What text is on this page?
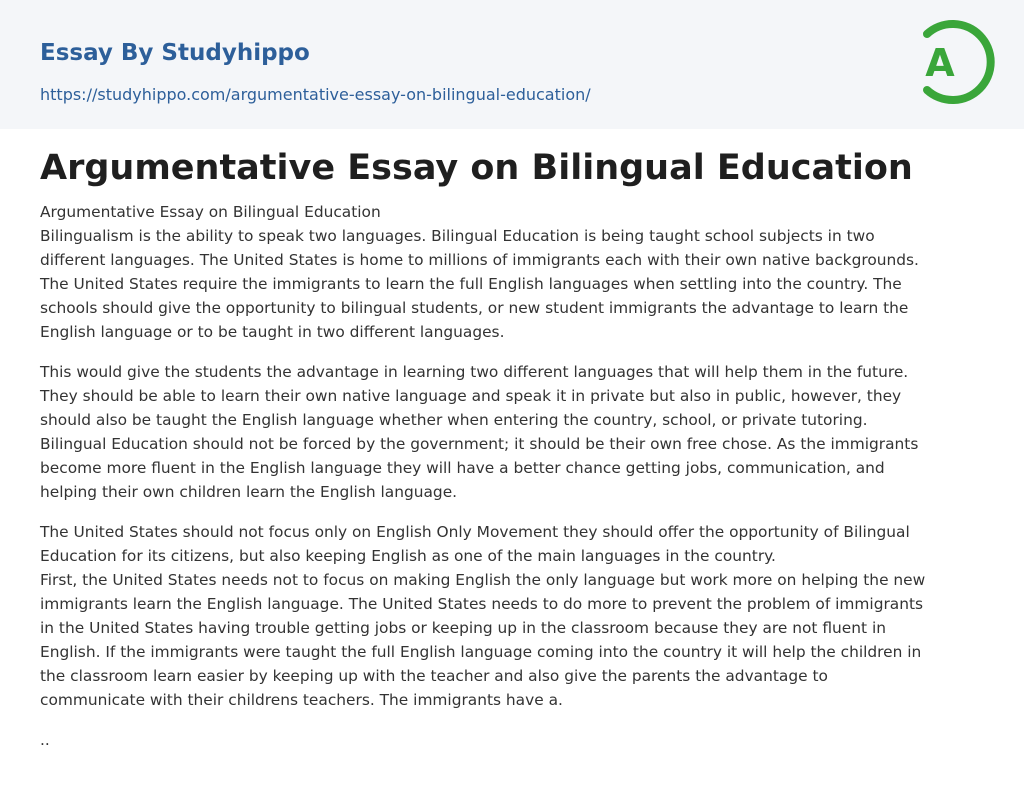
Essay By Studyhippo
https://studyhippo.com/argumentative-essay-on-bilingual-education/
A
Argumentative Essay on Bilingual Education

Argumentative Essay on Bilingual Education
Bilingualism is the ability to speak two languages. Bilingual Education is being taught school subjects in two
different languages. The United States is home to millions of immigrants each with their own native backgrounds.
The United States require the immigrants to learn the full English languages when settling into the country. The
schools should give the opportunity to bilingual students, or new student immigrants the advantage to learn the
English language or to be taught in two different languages.

This would give the students the advantage in learning two different languages that will help them in the future.
They should be able to learn their own native language and speak it in private but also in public, however, they
should also be taught the English language whether when entering the country, school, or private tutoring.
Bilingual Education should not be forced by the government; it should be their own free chose. As the immigrants
become more fluent in the English language they will have a better chance getting jobs, communication, and
helping their own children learn the English language.

The United States should not focus only on English Only Movement they should offer the opportunity of Bilingual
Education for its citizens, but also keeping English as one of the main languages in the country.
First, the United States needs not to focus on making English the only language but work more on helping the new
immigrants learn the English language. The United States needs to do more to prevent the problem of immigrants
in the United States having trouble getting jobs or keeping up in the classroom because they are not fluent in
English. If the immigrants were taught the full English language coming into the country it will help the children in
the classroom learn easier by keeping up with the teacher and also give the parents the advantage to
communicate with their childrens teachers. The immigrants have a.

..
